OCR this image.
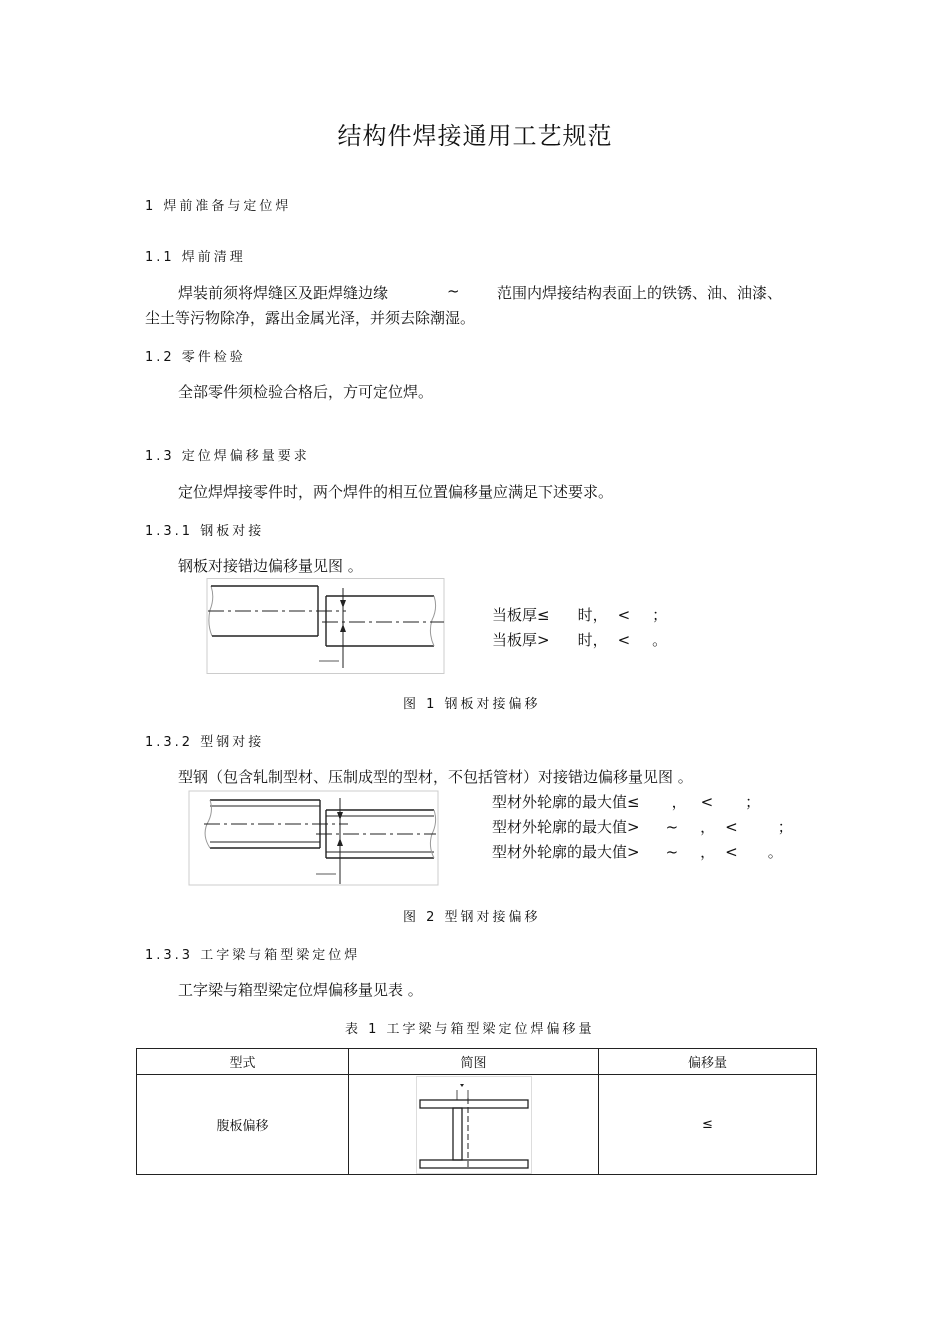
结构件焊接通用工艺规范
1 焊前准备与定位焊
1.1 焊前清理
焊装前须将焊缝区及距焊缝边缘	~ 范围内焊接结构表面上的铁锈、油、油漆、
尘土等污物除净，露出金属光泽，并须去除潮湿。
1.2 零件检验
全部零件须检验合格后，方可定位焊。
1.3 定位焊偏移量要求
定位焊焊接零件时，两个焊件的相互位置偏移量应满足下述要求。
1.3.1 钢板对接
钢板对接错边偏移量见图 。
当板厚≤ 时， < ；
当板厚> 时， < 。
图 1 钢板对接偏移
1.3.2 型钢对接
型钢（包含轧制型材、压制成型的型材，不包括管材）对接错边偏移量见图 。
型材外轮廓的最大值≤ ， < ；
型材外轮廓的最大值> ~ ， <	；
型材外轮廓的最大值> ~ ， < 。
图 2 型钢对接偏移
1.3.3 工字梁与箱型梁定位焊
工字梁与箱型梁定位焊偏移量见表 。
表 1 工字梁与箱型梁定位焊偏移量
型式	简图	偏移量
腹板偏移		≤
